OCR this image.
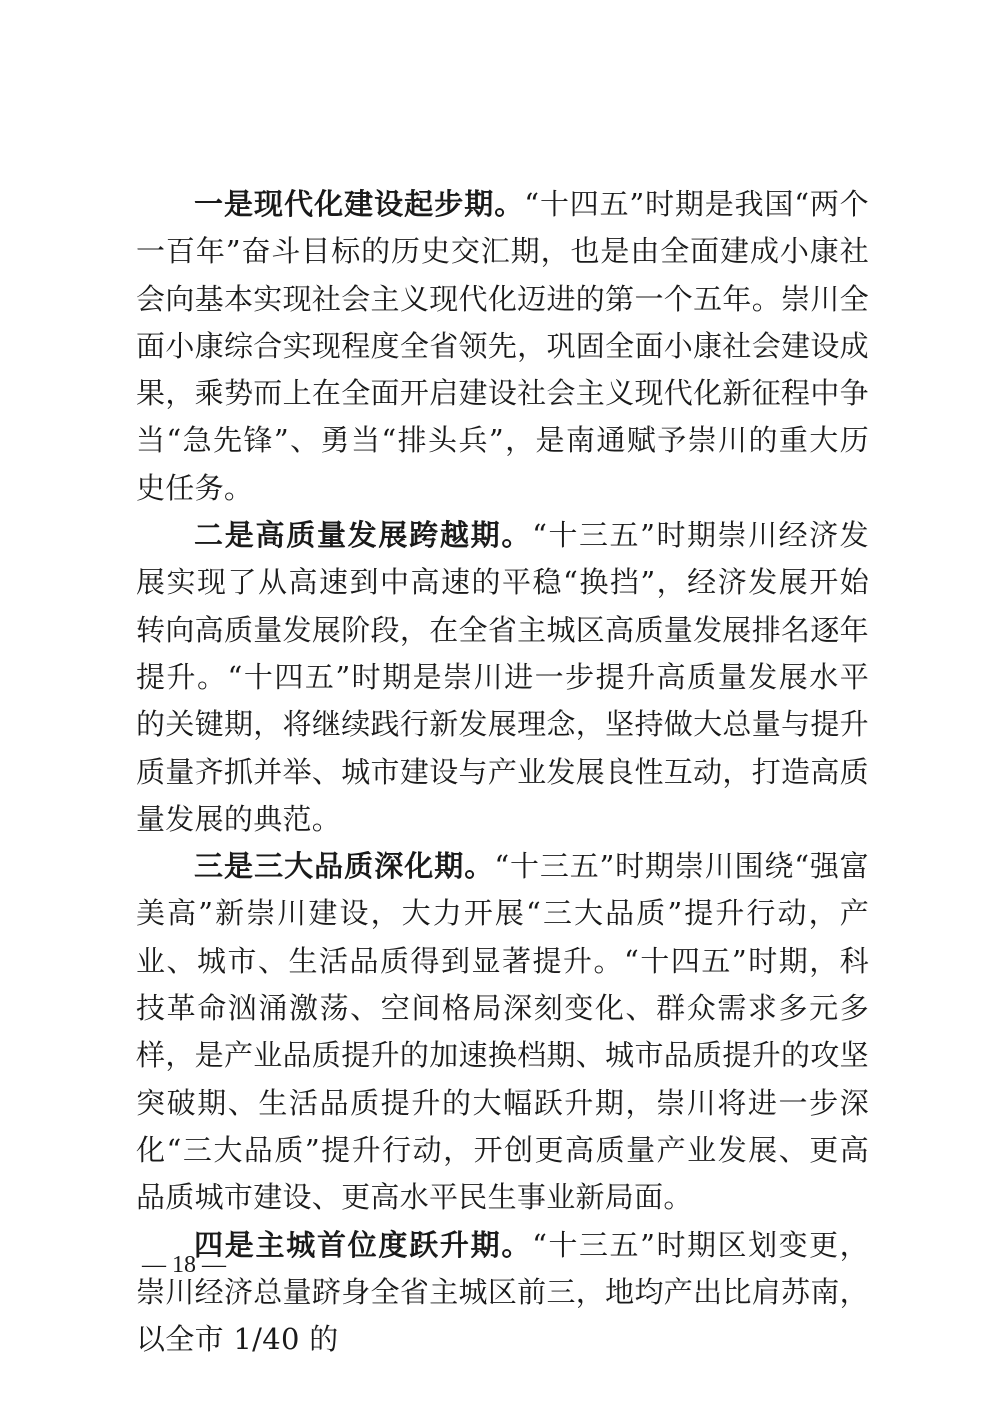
一是现代化建设起步期。“十四五”时期是我国“两个一百年”奋斗目标的历史交汇期，也是由全面建成小康社会向基本实现社会主义现代化迈进的第一个五年。崇川全面小康综合实现程度全省领先，巩固全面小康社会建设成果，乘势而上在全面开启建设社会主义现代化新征程中争当“急先锋”、勇当“排头兵”，是南通赋予崇川的重大历史任务。

二是高质量发展跨越期。“十三五”时期崇川经济发展实现了从高速到中高速的平稳“换挡”，经济发展开始转向高质量发展阶段，在全省主城区高质量发展排名逐年提升。“十四五”时期是崇川进一步提升高质量发展水平的关键期，将继续践行新发展理念，坚持做大总量与提升质量齐抓并举、城市建设与产业发展良性互动，打造高质量发展的典范。

三是三大品质深化期。“十三五”时期崇川围绕“强富美高”新崇川建设，大力开展“三大品质”提升行动，产业、城市、生活品质得到显著提升。“十四五”时期，科技革命汹涌激荡、空间格局深刻变化、群众需求多元多样，是产业品质提升的加速换档期、城市品质提升的攻坚突破期、生活品质提升的大幅跃升期，崇川将进一步深化“三大品质”提升行动，开创更高质量产业发展、更高品质城市建设、更高水平民生事业新局面。

四是主城首位度跃升期。“十三五”时期区划变更，崇川经济总量跻身全省主城区前三，地均产出比肩苏南，以全市 1/40 的

— 18 —
